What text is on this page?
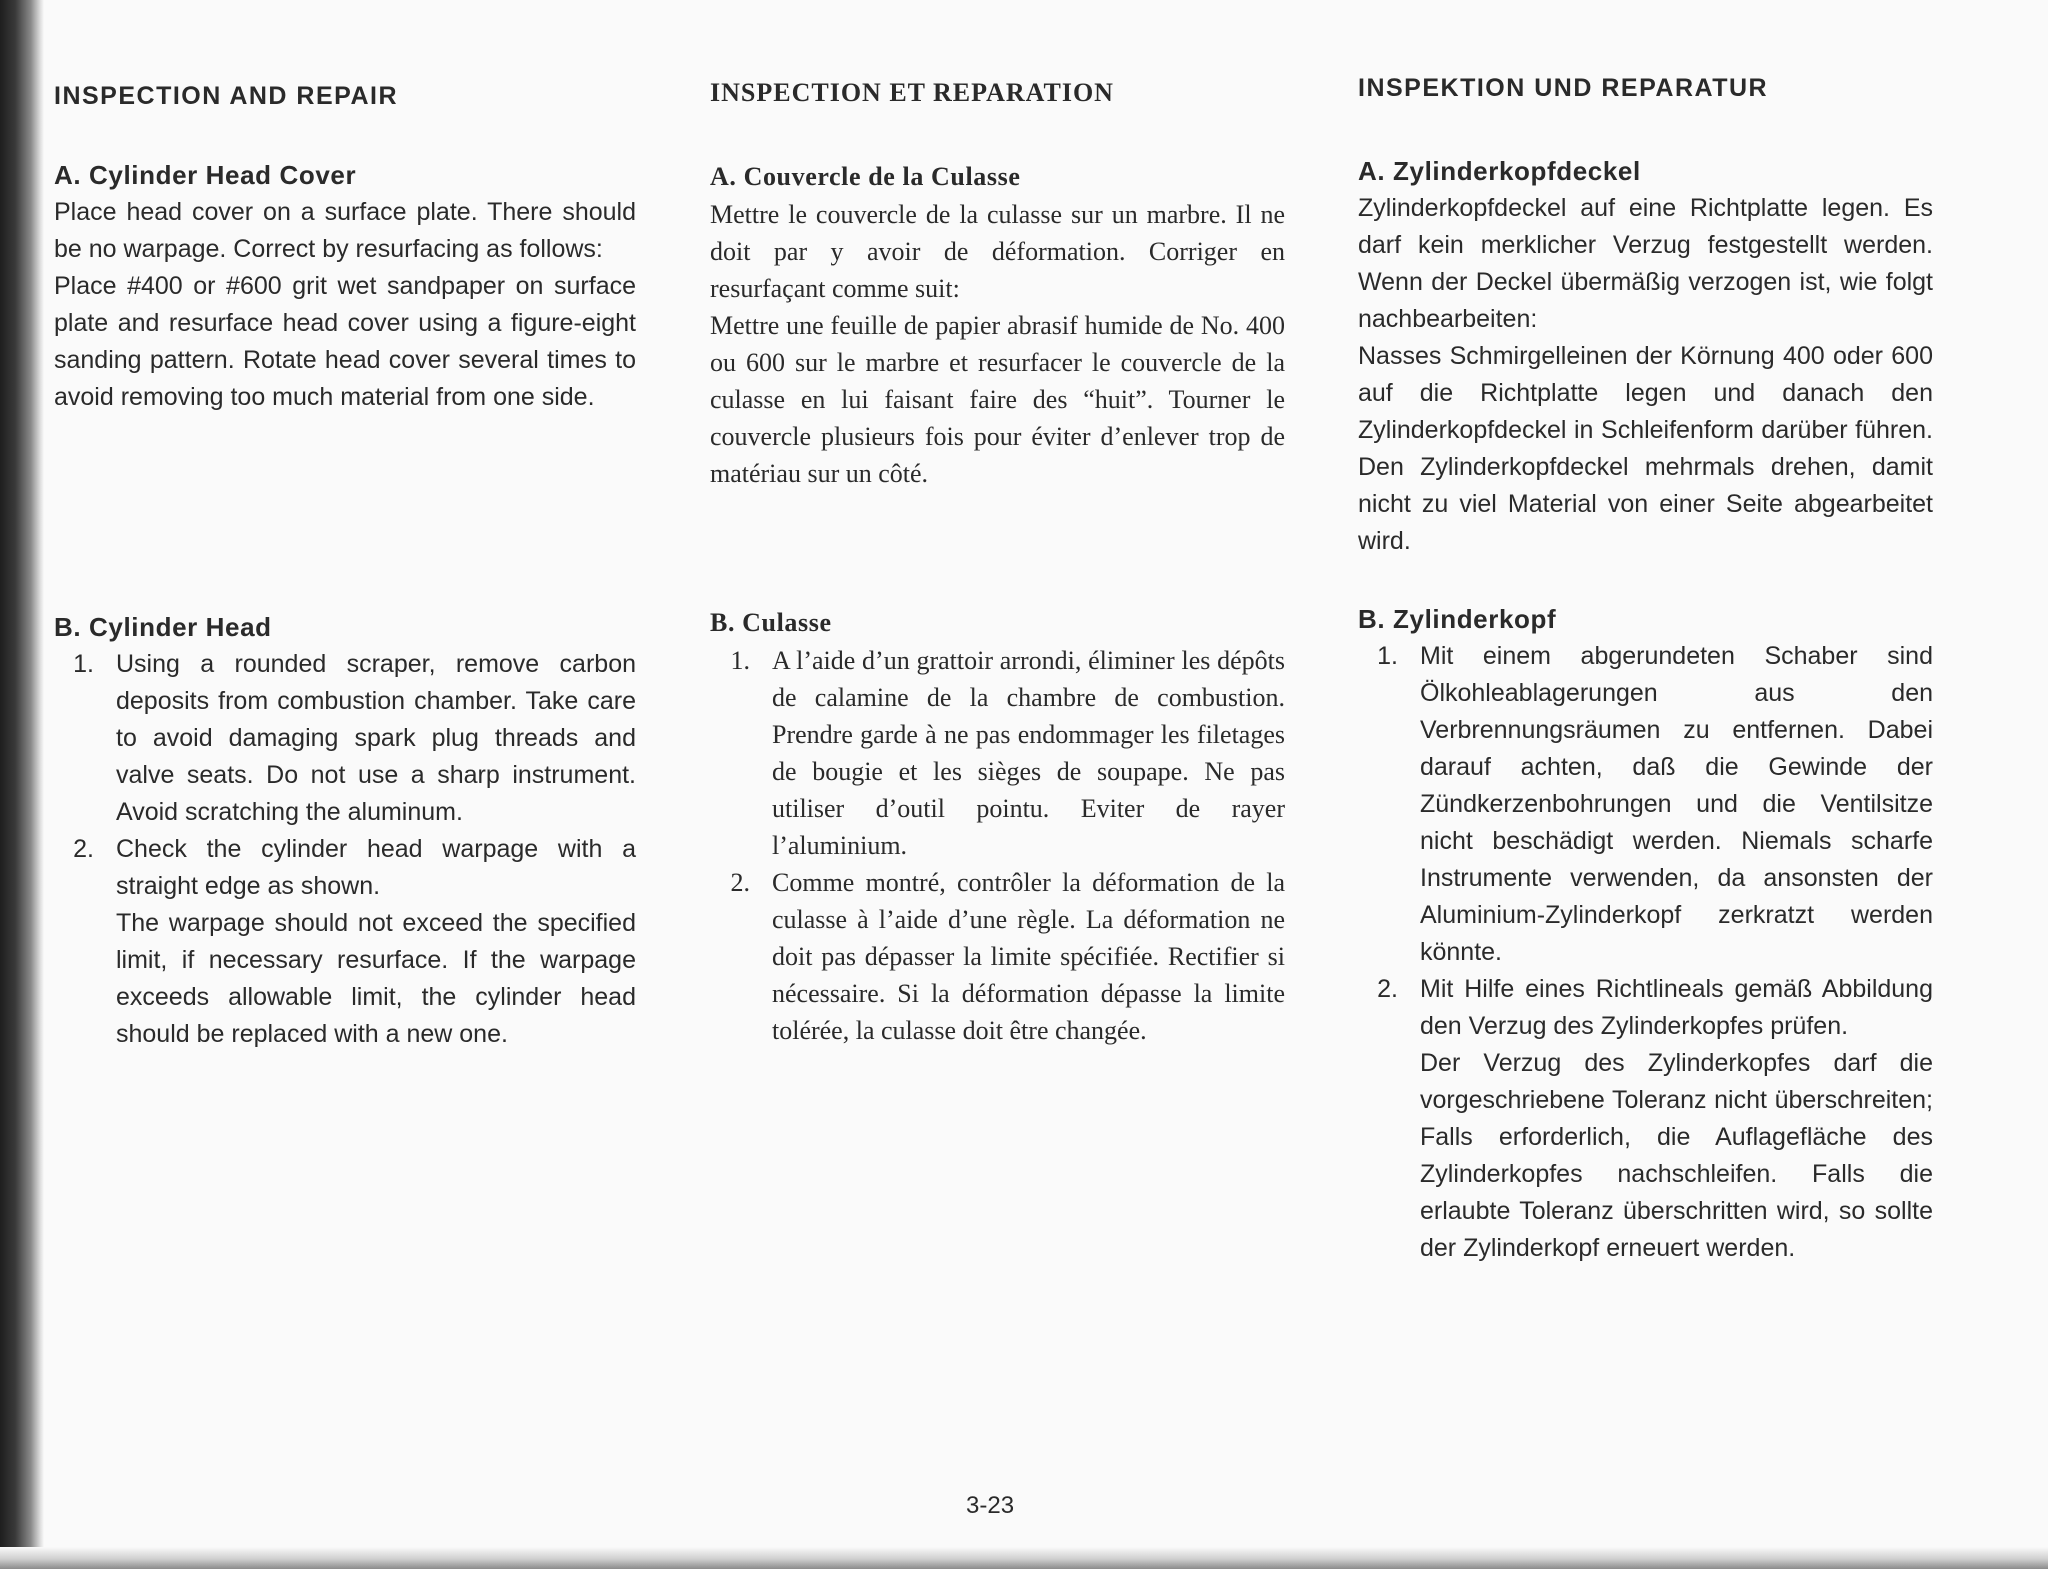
INSPECTION AND REPAIR
A. Cylinder Head Cover

Place head cover on a surface plate. There should be no warpage. Correct by resurfacing as follows:

Place #400 or #600 grit wet sandpaper on surface plate and resurface head cover using a figure-eight sanding pattern. Rotate head cover several times to avoid removing too much material from one side.

B. Cylinder Head
1. Using a rounded scraper, remove carbon deposits from combustion chamber. Take care to avoid damaging spark plug threads and valve seats. Do not use a sharp instrument. Avoid scratching the aluminum.
2. Check the cylinder head warpage with a straight edge as shown.
The warpage should not exceed the specified limit, if necessary resurface. If the warpage exceeds allowable limit, the cylinder head should be replaced with a new one.
INSPECTION ET REPARATION
A. Couvercle de la Culasse

Mettre le couvercle de la culasse sur un marbre. Il ne doit par y avoir de déformation. Corriger en resurfaçant comme suit:

Mettre une feuille de papier abrasif humide de No. 400 ou 600 sur le marbre et resurfacer le couvercle de la culasse en lui faisant faire des “huit”. Tourner le couvercle plusieurs fois pour éviter d’enlever trop de matériau sur un côté.

B. Culasse
1. A l’aide d’un grattoir arrondi, éliminer les dépôts de calamine de la chambre de combustion. Prendre garde à ne pas endommager les filetages de bougie et les sièges de soupape. Ne pas utiliser d’outil pointu. Eviter de rayer l’aluminium.
2. Comme montré, contrôler la déformation de la culasse à l’aide d’une règle. La déformation ne doit pas dépasser la limite spécifiée. Rectifier si nécessaire. Si la déformation dépasse la limite tolérée, la culasse doit être changée.
INSPEKTION UND REPARATUR
A. Zylinderkopfdeckel

Zylinderkopfdeckel auf eine Richtplatte legen. Es darf kein merklicher Verzug festgestellt werden. Wenn der Deckel übermäßig verzogen ist, wie folgt nachbearbeiten:

Nasses Schmirgelleinen der Körnung 400 oder 600 auf die Richtplatte legen und danach den Zylinderkopfdeckel in Schleifenform darüber führen. Den Zylinderkopfdeckel mehrmals drehen, damit nicht zu viel Material von einer Seite abgearbeitet wird.

B. Zylinderkopf
1. Mit einem abgerundeten Schaber sind Ölkohleablagerungen aus den Verbrennungsräumen zu entfernen. Dabei darauf achten, daß die Gewinde der Zündkerzenbohrungen und die Ventilsitze nicht beschädigt werden. Niemals scharfe Instrumente verwenden, da ansonsten der Aluminium-Zylinderkopf zerkratzt werden könnte.
2. Mit Hilfe eines Richtlineals gemäß Abbildung den Verzug des Zylinderkopfes prüfen.
Der Verzug des Zylinderkopfes darf die vorgeschriebene Toleranz nicht überschreiten; Falls erforderlich, die Auflagefläche des Zylinderkopfes nachschleifen. Falls die erlaubte Toleranz überschritten wird, so sollte der Zylinderkopf erneuert werden.
3-23
